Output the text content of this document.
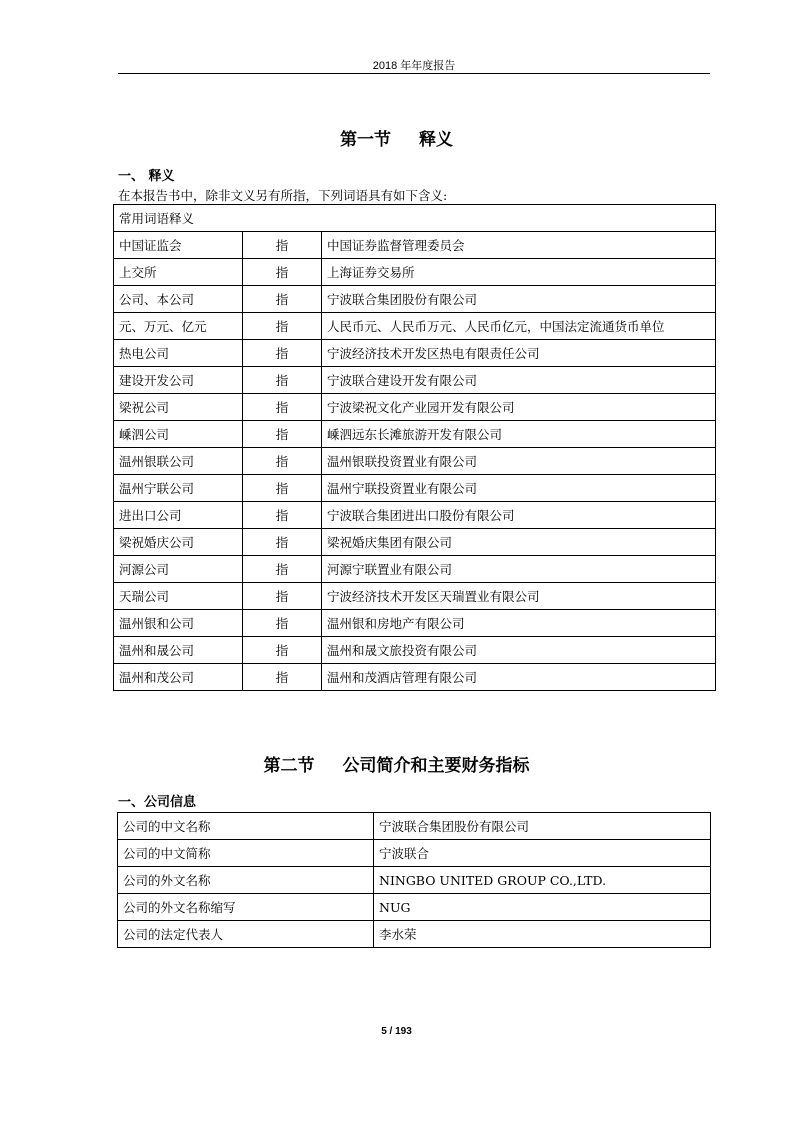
2018 年年度报告
第一节 释义
一、 释义
在本报告书中，除非文义另有所指，下列词语具有如下含义:
常用词语释义		
中国证监会	指	中国证券监督管理委员会
上交所	指	上海证券交易所
公司、本公司	指	宁波联合集团股份有限公司
元、万元、亿元	指	人民币元、人民币万元、人民币亿元，中国法定流通货币单位
热电公司	指	宁波经济技术开发区热电有限责任公司
建设开发公司	指	宁波联合建设开发有限公司
梁祝公司	指	宁波梁祝文化产业园开发有限公司
嵊泗公司	指	嵊泗远东长滩旅游开发有限公司
温州银联公司	指	温州银联投资置业有限公司
温州宁联公司	指	温州宁联投资置业有限公司
进出口公司	指	宁波联合集团进出口股份有限公司
梁祝婚庆公司	指	梁祝婚庆集团有限公司
河源公司	指	河源宁联置业有限公司
天瑞公司	指	宁波经济技术开发区天瑞置业有限公司
温州银和公司	指	温州银和房地产有限公司
温州和晟公司	指	温州和晟文旅投资有限公司
温州和茂公司	指	温州和茂酒店管理有限公司
第二节 公司简介和主要财务指标
一、公司信息
公司的中文名称	宁波联合集团股份有限公司
公司的中文简称	宁波联合
公司的外文名称	NINGBO UNITED GROUP CO.,LTD.
公司的外文名称缩写	NUG
公司的法定代表人	李水荣
5 / 193
